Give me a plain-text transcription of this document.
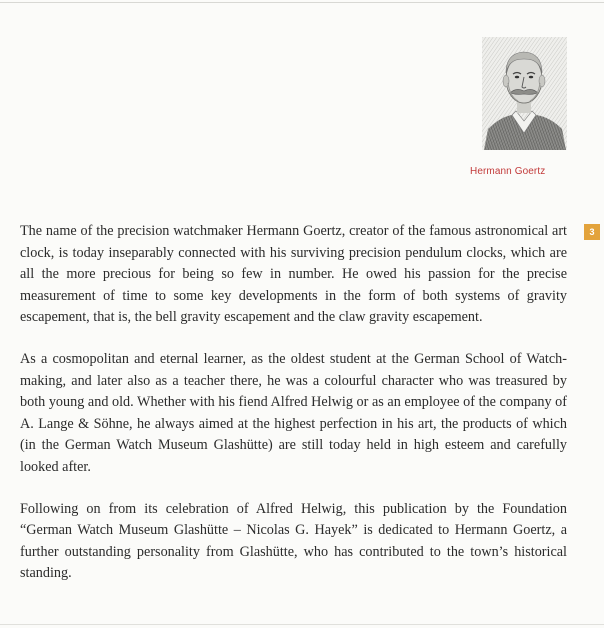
Hermann Goertz
3

The name of the precision watchmaker Hermann Goertz, creator of the famous astronomical art clock, is today inseparably connected with his surviving precision pendulum clocks, which are all the more precious for being so few in number. He owed his passion for the precise measurement of time to some key developments in the form of both systems of gravity escapement, that is, the bell gravity escapement and the claw gravity escapement.

As a cosmopolitan and eternal learner, as the oldest student at the German School of Watchmaking, and later also as a teacher there, he was a colourful character who was treasured by both young and old. Whether with his fiend Alfred Helwig or as an employee of the company of A. Lange & Söhne, he always aimed at the highest perfection in his art, the products of which (in the German Watch Museum Glashütte) are still today held in high esteem and carefully looked after.

Following on from its celebration of Alfred Helwig, this publication by the Foundation “German Watch Museum Glashütte – Nicolas G. Hayek” is dedicated to Hermann Goertz, a further outstanding personality from Glashütte, who has contributed to the town’s historical standing.
